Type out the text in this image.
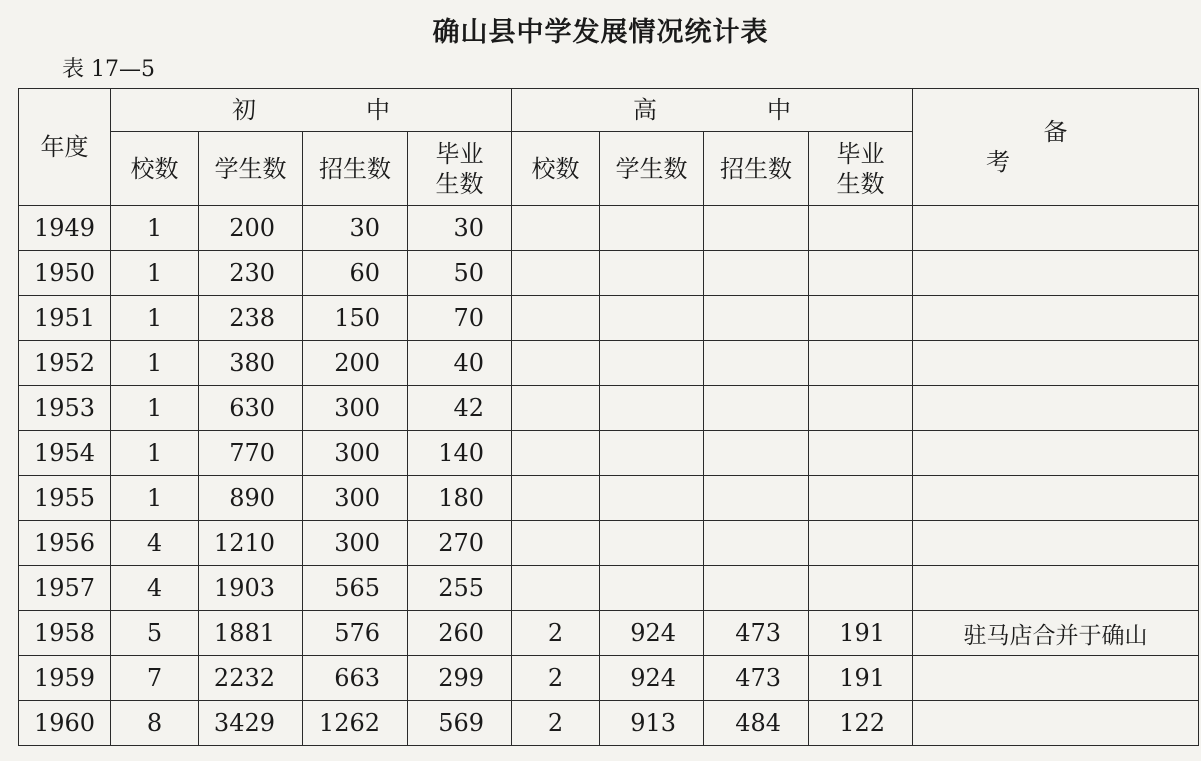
确山县中学发展情况统计表
表 17—5
年度	初中				高中				备考
	校数	学生数	招生数	毕业生数	校数	学生数	招生数	毕业生数	
1949	1	200	30	30					
1950	1	230	60	50					
1951	1	238	150	70					
1952	1	380	200	40					
1953	1	630	300	42					
1954	1	770	300	140					
1955	1	890	300	180					
1956	4	1210	300	270					
1957	4	1903	565	255					
1958	5	1881	576	260	2	924	473	191	驻马店合并于确山
1959	7	2232	663	299	2	924	473	191	
1960	8	3429	1262	569	2	913	484	122	
